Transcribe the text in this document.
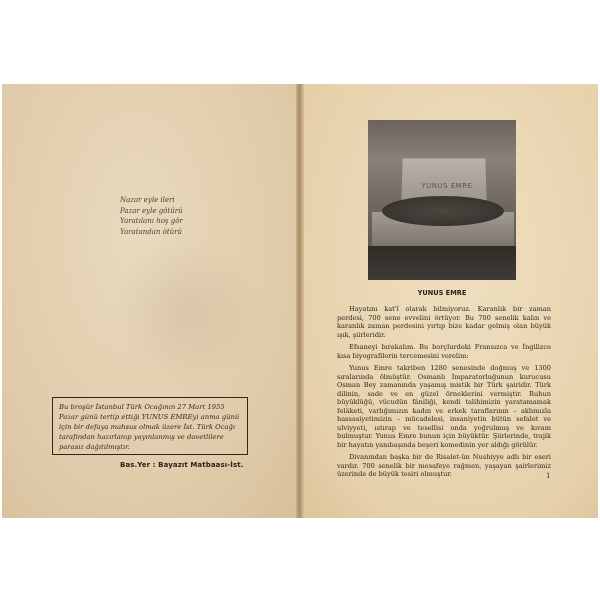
Nazar eyle ileri
Pazar eyle götürü
Yaratılanı hoş gör
Yaratandan ötürü
Bu broşür İstanbul Türk Ocağının 27 Mart 1955 Pazar günü tertip ettiği YUNUS EMREyi anma günü için bir defaya mahsus olmak üzere İst. Türk Ocağı tarafından hazırlanıp yayınlanmış ve davetlilere parasız dağıtılmıştır.
Bas.Yer : Bayazıt Matbaası-İst.
YUNUS EMRE
YUNUS EMRE

Hayatını kat'î olarak bilmiyoruz. Karanlık bir zaman perdesi, 700 sene evvelini örtüyor. Bu 700 senelik kalın ve karanlık zaman perdesini yırtıp bize kadar gelmiş olan büyük ışık, şiirleridir.

Efsaneyi bırakalım. Bu borçlurdeki Fransızca ve İngilizce kısa biyografilerin tercemesini verelim:

Yunus Emre takriben 1280 senesinde doğmuş ve 1300 sıralarında ölmüştür. Osmanlı İmparatorluğunun kurucusu Osman Bey zamanında yaşamış mistik bir Türk şairidir. Türk dilinin, sade ve en güzel örneklerini vermiştir. Ruhun büyüklüğü, vücudün fâniliği, kendi talihimizin yaratamamak felâketi, varlığımızın kadın ve erkek taraflarının – aklımızla hassasiyetimizin – mücadelesi, insaniyetin bütün sefalet ve ulviyyeti, ıstırap ve tesellisi onda yoğrulmuş ve kıvam bulmuştur. Yunus Emre bunun için büyüktür. Şiirlerinde, trajik bir hayatın yanıbaşında beşeri komedinin yer aldığı görülür.

Divanından başka bir de Risalet-ün Nushiyye adlı bir eseri vardır. 700 senelik bir mesafeye rağmen, yaşayan şairlerimiz üzerinde de büyük tesiri olmuştur.	1
